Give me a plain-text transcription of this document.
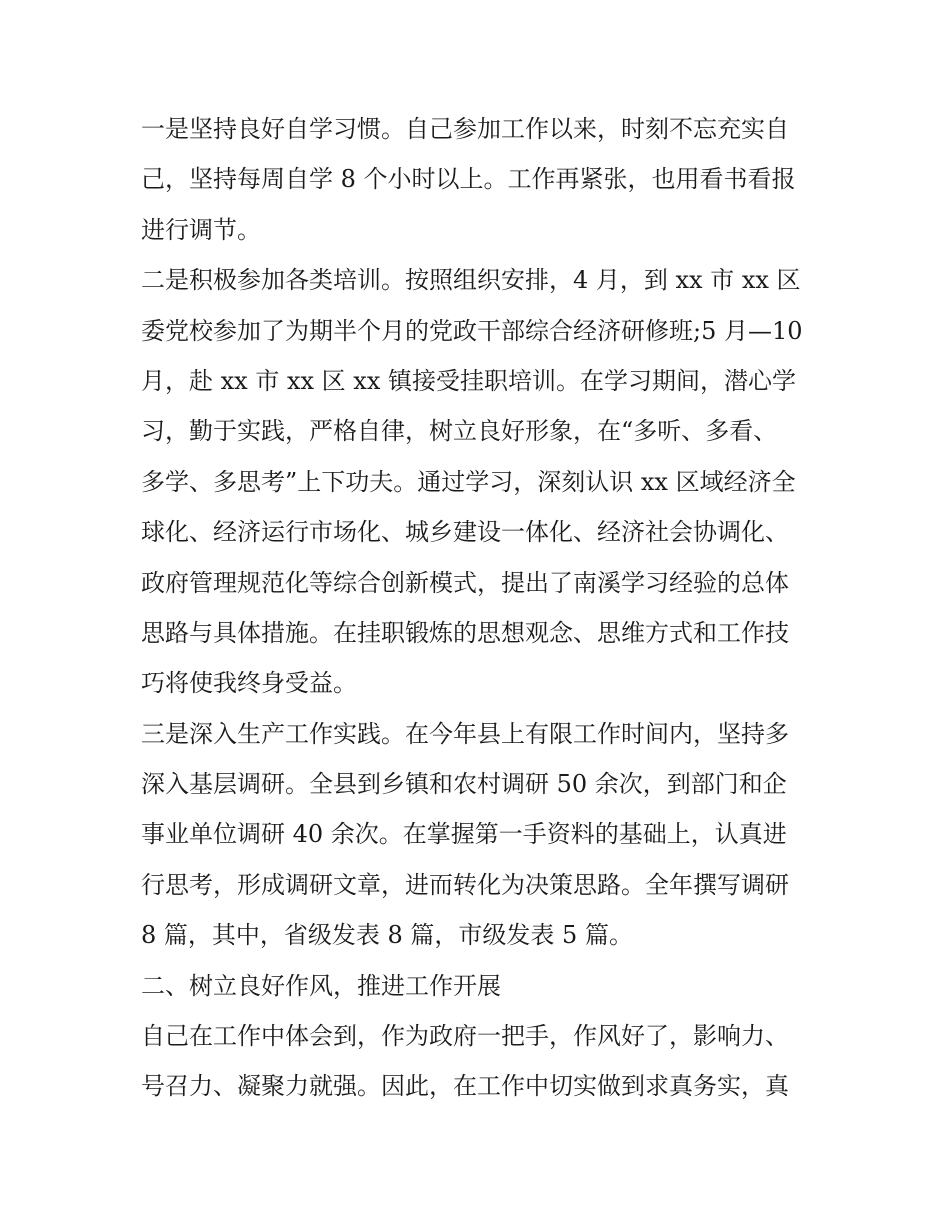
一是坚持良好自学习惯。自己参加工作以来，时刻不忘充实自
己，坚持每周自学 8 个小时以上。工作再紧张，也用看书看报
进行调节。
二是积极参加各类培训。按照组织安排，4 月，到 xx 市 xx 区
委党校参加了为期半个月的党政干部综合经济研修班;5 月—10
月，赴 xx 市 xx 区 xx 镇接受挂职培训。在学习期间，潜心学
习，勤于实践，严格自律，树立良好形象，在“多听、多看、
多学、多思考”上下功夫。通过学习，深刻认识 xx 区域经济全
球化、经济运行市场化、城乡建设一体化、经济社会协调化、
政府管理规范化等综合创新模式，提出了南溪学习经验的总体
思路与具体措施。在挂职锻炼的思想观念、思维方式和工作技
巧将使我终身受益。
三是深入生产工作实践。在今年县上有限工作时间内，坚持多
深入基层调研。全县到乡镇和农村调研 50 余次，到部门和企
事业单位调研 40 余次。在掌握第一手资料的基础上，认真进
行思考，形成调研文章，进而转化为决策思路。全年撰写调研
8 篇，其中，省级发表 8 篇，市级发表 5 篇。
二、树立良好作风，推进工作开展
自己在工作中体会到，作为政府一把手，作风好了，影响力、
号召力、凝聚力就强。因此，在工作中切实做到求真务实，真
